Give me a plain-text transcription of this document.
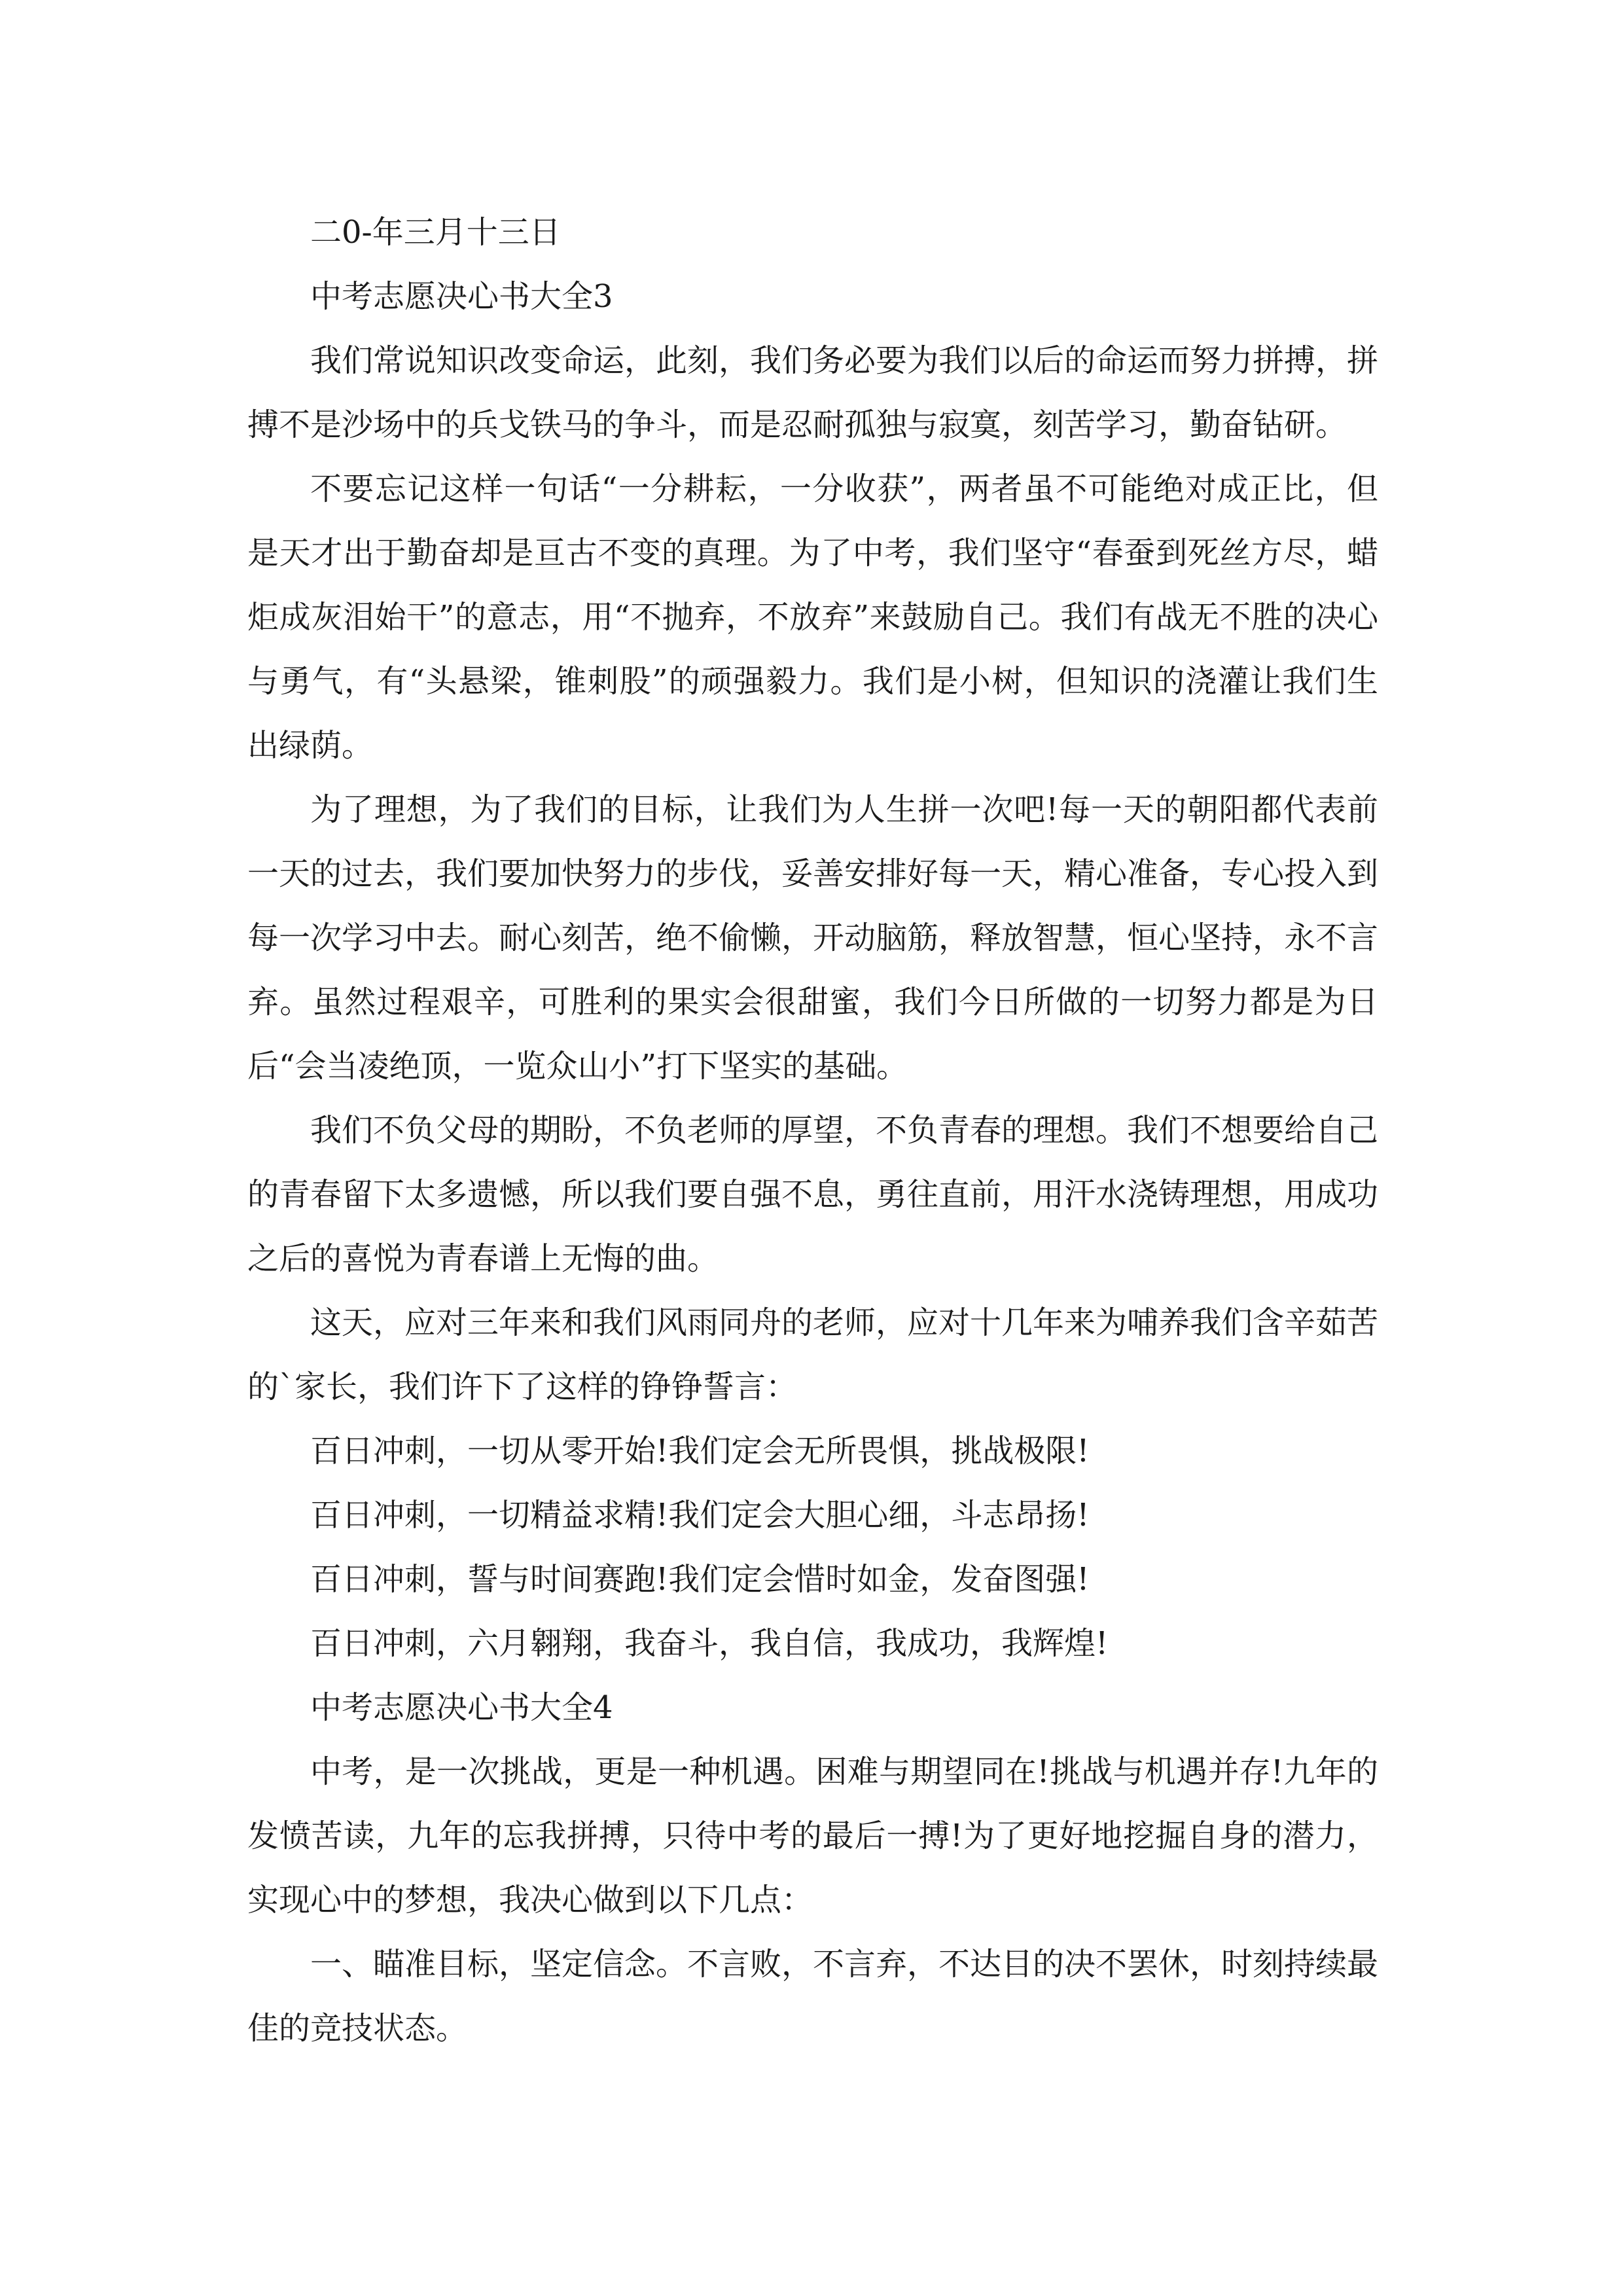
二0-年三月十三日

中考志愿决心书大全3

我们常说知识改变命运，此刻，我们务必要为我们以后的命运而努力拼搏，拼搏不是沙场中的兵戈铁马的争斗，而是忍耐孤独与寂寞，刻苦学习，勤奋钻研。

不要忘记这样一句话“一分耕耘，一分收获”，两者虽不可能绝对成正比，但是天才出于勤奋却是亘古不变的真理。为了中考，我们坚守“春蚕到死丝方尽，蜡炬成灰泪始干”的意志，用“不抛弃，不放弃”来鼓励自己。我们有战无不胜的决心与勇气，有“头悬梁，锥刺股”的顽强毅力。我们是小树，但知识的浇灌让我们生出绿荫。

为了理想，为了我们的目标，让我们为人生拼一次吧!每一天的朝阳都代表前一天的过去，我们要加快努力的步伐，妥善安排好每一天，精心准备，专心投入到每一次学习中去。耐心刻苦，绝不偷懒，开动脑筋，释放智慧，恒心坚持，永不言弃。虽然过程艰辛，可胜利的果实会很甜蜜，我们今日所做的一切努力都是为日后“会当凌绝顶，一览众山小”打下坚实的基础。

我们不负父母的期盼，不负老师的厚望，不负青春的理想。我们不想要给自己的青春留下太多遗憾，所以我们要自强不息，勇往直前，用汗水浇铸理想，用成功之后的喜悦为青春谱上无悔的曲。

这天，应对三年来和我们风雨同舟的老师，应对十几年来为哺养我们含辛茹苦的`家长，我们许下了这样的铮铮誓言：

百日冲刺，一切从零开始!我们定会无所畏惧，挑战极限!

百日冲刺，一切精益求精!我们定会大胆心细，斗志昂扬!

百日冲刺，誓与时间赛跑!我们定会惜时如金，发奋图强!

百日冲刺，六月翱翔，我奋斗，我自信，我成功，我辉煌!

中考志愿决心书大全4

中考，是一次挑战，更是一种机遇。困难与期望同在!挑战与机遇并存!九年的发愤苦读，九年的忘我拼搏，只待中考的最后一搏!为了更好地挖掘自身的潜力，实现心中的梦想，我决心做到以下几点：

一、瞄准目标，坚定信念。不言败，不言弃，不达目的决不罢休，时刻持续最佳的竞技状态。
